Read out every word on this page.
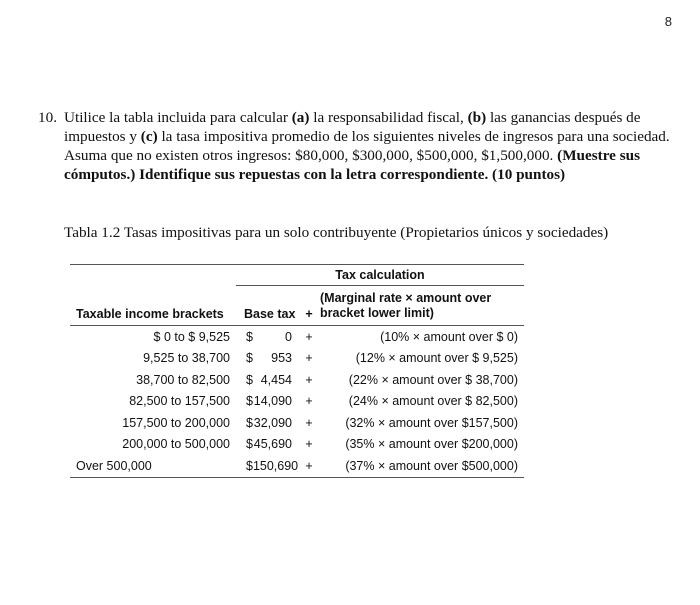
8
10. Utilice la tabla incluida para calcular (a) la responsabilidad fiscal, (b) las ganancias después de impuestos y (c) la tasa impositiva promedio de los siguientes niveles de ingresos para una sociedad. Asuma que no existen otros ingresos: $80,000, $300,000, $500,000, $1,500,000. (Muestre sus cómputos.) Identifique sus repuestas con la letra correspondiente. (10 puntos)
Tabla 1.2 Tasas impositivas para un solo contribuyente (Propietarios únicos y sociedades)
Tax calculation
Taxable income brackets	Base tax +
(Marginal rate × amount over bracket lower limit)
$ 0 to $ 9,525	$	0	+	(10% × amount over $ 0)
9,525 to 38,700	$ 953	+	(12% × amount over $ 9,525)
38,700 to 82,500	$ 4,454	+	(22% × amount over $ 38,700)
82,500 to 157,500	$ 14,090	+	(24% × amount over $ 82,500)
157,500 to 200,000	$ 32,090	+	(32% × amount over $157,500)
200,000 to 500,000	$ 45,690	+	(35% × amount over $200,000)
Over 500,000	$150,690 +	(37% × amount over $500,000)
